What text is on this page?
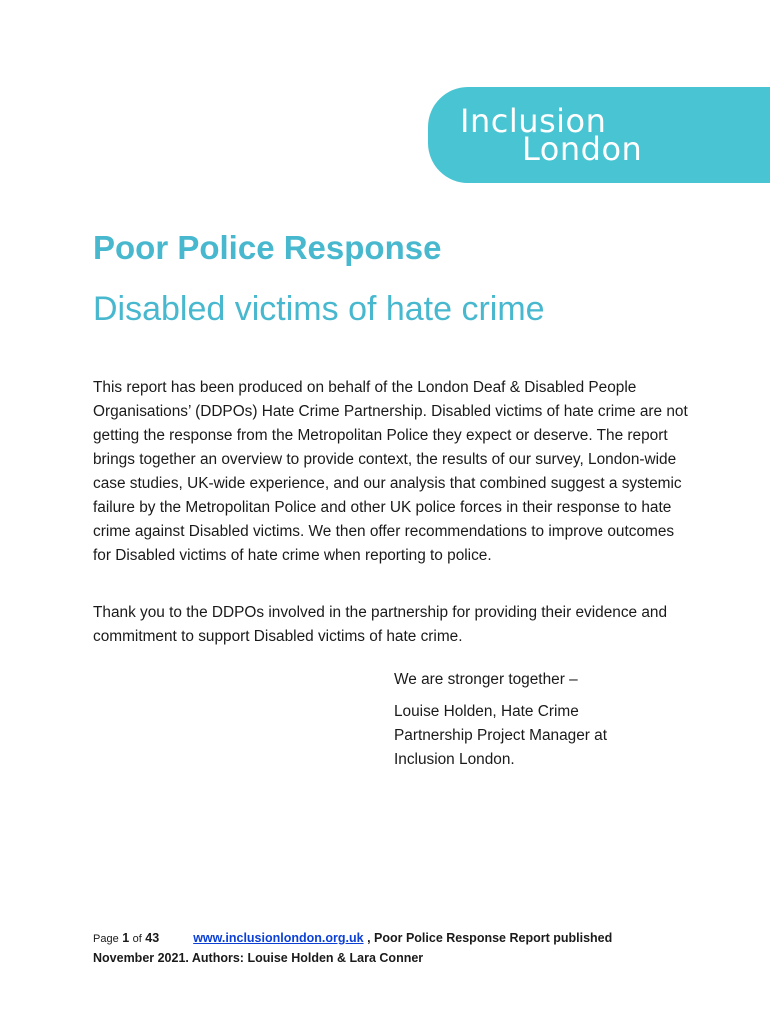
Inclusion
London
Poor Police Response
Disabled victims of hate crime

This report has been produced on behalf of the London Deaf & Disabled People Organisations’ (DDPOs) Hate Crime Partnership. Disabled victims of hate crime are not getting the response from the Metropolitan Police they expect or deserve. The report brings together an overview to provide context, the results of our survey, London-wide case studies, UK-wide experience, and our analysis that combined suggest a systemic failure by the Metropolitan Police and other UK police forces in their response to hate crime against Disabled victims. We then offer recommendations to improve outcomes for Disabled victims of hate crime when reporting to police.

Thank you to the DDPOs involved in the partnership for providing their evidence and commitment to support Disabled victims of hate crime.

We are stronger together –

Louise Holden, Hate Crime Partnership Project Manager at Inclusion London.

Page 1 of 43	www.inclusionlondon.org.uk , Poor Police Response Report published November 2021. Authors: Louise Holden & Lara Conner
